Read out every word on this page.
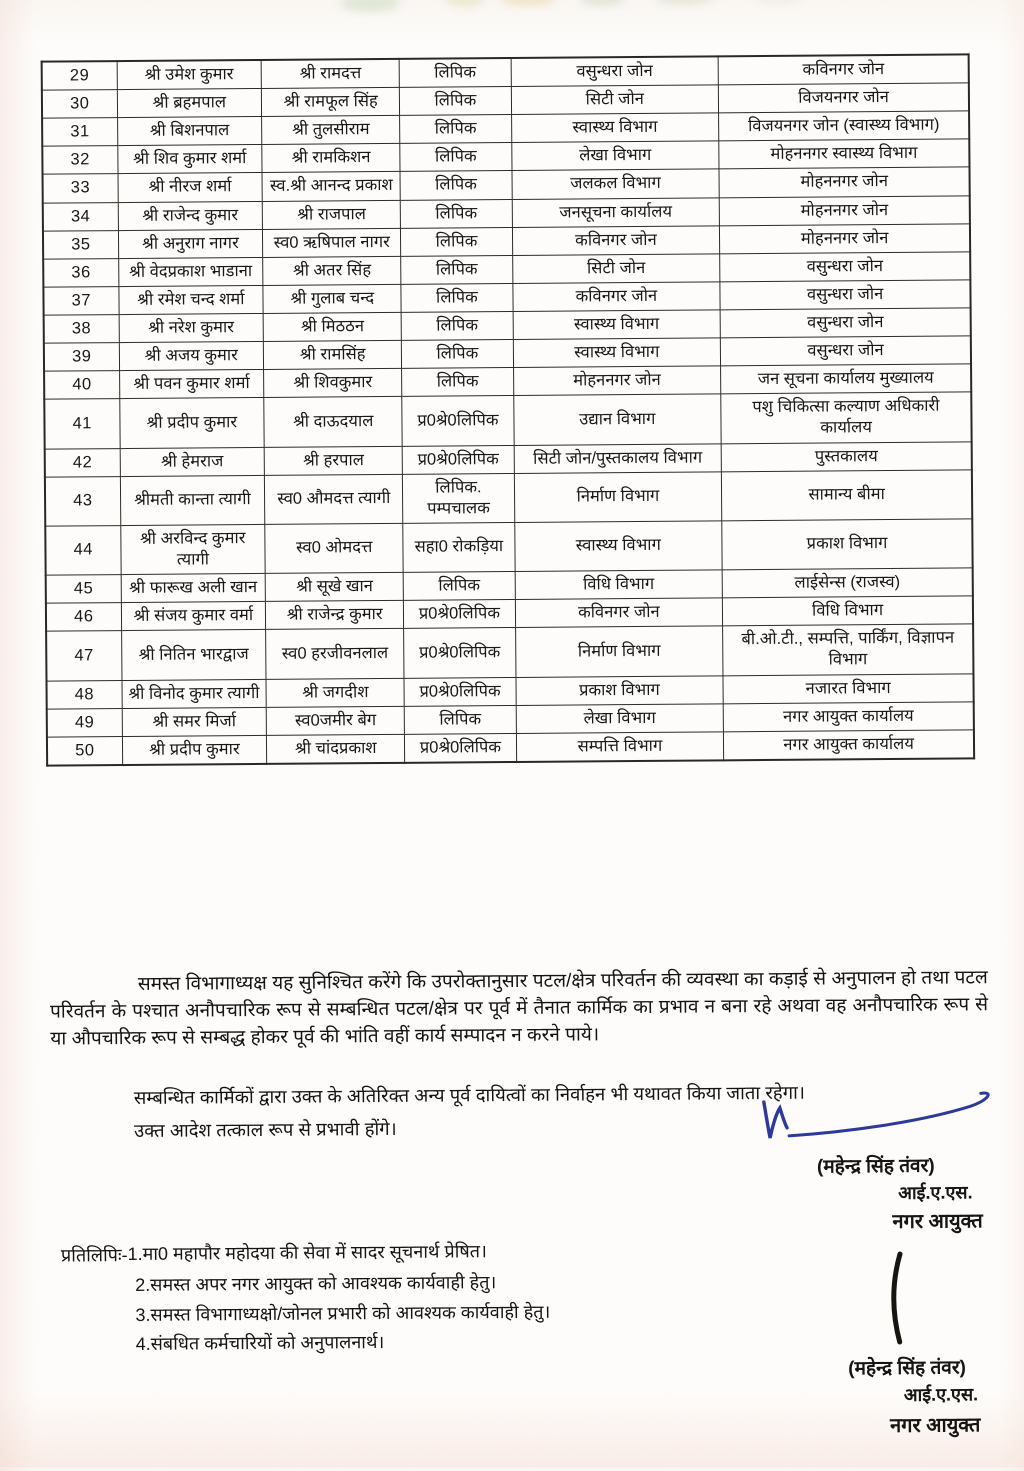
29	श्री उमेश कुमार	श्री रामदत्त	लिपिक	वसुन्धरा जोन	कविनगर जोन
30	श्री ब्रहमपाल	श्री रामफूल सिंह	लिपिक	सिटी जोन	विजयनगर जोन
31	श्री बिशनपाल	श्री तुलसीराम	लिपिक	स्वास्थ्य विभाग	विजयनगर जोन (स्वास्थ्य विभाग)
32	श्री शिव कुमार शर्मा	श्री रामकिशन	लिपिक	लेखा विभाग	मोहननगर स्वास्थ्य विभाग
33	श्री नीरज शर्मा	स्व.श्री आनन्द प्रकाश	लिपिक	जलकल विभाग	मोहननगर जोन
34	श्री राजेन्द कुमार	श्री राजपाल	लिपिक	जनसूचना कार्यालय	मोहननगर जोन
35	श्री अनुराग नागर	स्व0 ऋषिपाल नागर	लिपिक	कविनगर जोन	मोहननगर जोन
36	श्री वेदप्रकाश भाडाना	श्री अतर सिंह	लिपिक	सिटी जोन	वसुन्धरा जोन
37	श्री रमेश चन्द शर्मा	श्री गुलाब चन्द	लिपिक	कविनगर जोन	वसुन्धरा जोन
38	श्री नरेश कुमार	श्री मिठठन	लिपिक	स्वास्थ्य विभाग	वसुन्धरा जोन
39	श्री अजय कुमार	श्री रामसिंह	लिपिक	स्वास्थ्य विभाग	वसुन्धरा जोन
40	श्री पवन कुमार शर्मा	श्री शिवकुमार	लिपिक	मोहननगर जोन	जन सूचना कार्यालय मुख्यालय
41	श्री प्रदीप कुमार	श्री दाऊदयाल	प्र0श्रे0लिपिक	उद्यान विभाग	पशु चिकित्सा कल्याण अधिकारी कार्यालय
42	श्री हेमराज	श्री हरपाल	प्र0श्रे0लिपिक	सिटी जोन/पुस्तकालय विभाग	पुस्तकालय
43	श्रीमती कान्ता त्यागी	स्व0 औमदत्त त्यागी	लिपिक. पम्पचालक	निर्माण विभाग	सामान्य बीमा
44	श्री अरविन्द कुमार त्यागी	स्व0 ओमदत्त	सहा0 रोकड़िया	स्वास्थ्य विभाग	प्रकाश विभाग
45	श्री फारूख अली खान	श्री सूखे खान	लिपिक	विधि विभाग	लाईसेन्स (राजस्व)
46	श्री संजय कुमार वर्मा	श्री राजेन्द्र कुमार	प्र0श्रे0लिपिक	कविनगर जोन	विधि विभाग
47	श्री नितिन भारद्वाज	स्व0 हरजीवनलाल	प्र0श्रे0लिपिक	निर्माण विभाग	बी.ओ.टी., सम्पत्ति, पार्किंग, विज्ञापन विभाग
48	श्री विनोद कुमार त्यागी	श्री जगदीश	प्र0श्रे0लिपिक	प्रकाश विभाग	नजारत विभाग
49	श्री समर मिर्जा	स्व0जमीर बेग	लिपिक	लेखा विभाग	नगर आयुक्त कार्यालय
50	श्री प्रदीप कुमार	श्री चांदप्रकाश	प्र0श्रे0लिपिक	सम्पत्ति विभाग	नगर आयुक्त कार्यालय

समस्त विभागाध्यक्ष यह सुनिश्चित करेंगे कि उपरोक्तानुसार पटल/क्षेत्र परिवर्तन की व्यवस्था का कड़ाई से अनुपालन हो तथा पटल परिवर्तन के पश्चात अनौपचारिक रूप से सम्बन्धित पटल/क्षेत्र पर पूर्व में तैनात कार्मिक का प्रभाव न बना रहे अथवा वह अनौपचारिक रूप से या औपचारिक रूप से सम्बद्ध होकर पूर्व की भांति वहीं कार्य सम्पादन न करने पाये।

सम्बन्धित कार्मिकों द्वारा उक्त के अतिरिक्त अन्य पूर्व दायित्वों का निर्वाहन भी यथावत किया जाता रहेगा।

उक्त आदेश तत्काल रूप से प्रभावी होंगे।

(महेन्द्र सिंह तंवर)
आई.ए.एस.
नगर आयुक्त
प्रतिलिपिः- 1.मा0 महापौर महोदया की सेवा में सादर सूचनार्थ प्रेषित।
2.समस्त अपर नगर आयुक्त को आवश्यक कार्यवाही हेतु।
3.समस्त विभागाध्यक्षो/जोनल प्रभारी को आवश्यक कार्यवाही हेतु।
4.संबधित कर्मचारियों को अनुपालनार्थ।
(महेन्द्र सिंह तंवर)
आई.ए.एस.
नगर आयुक्त
